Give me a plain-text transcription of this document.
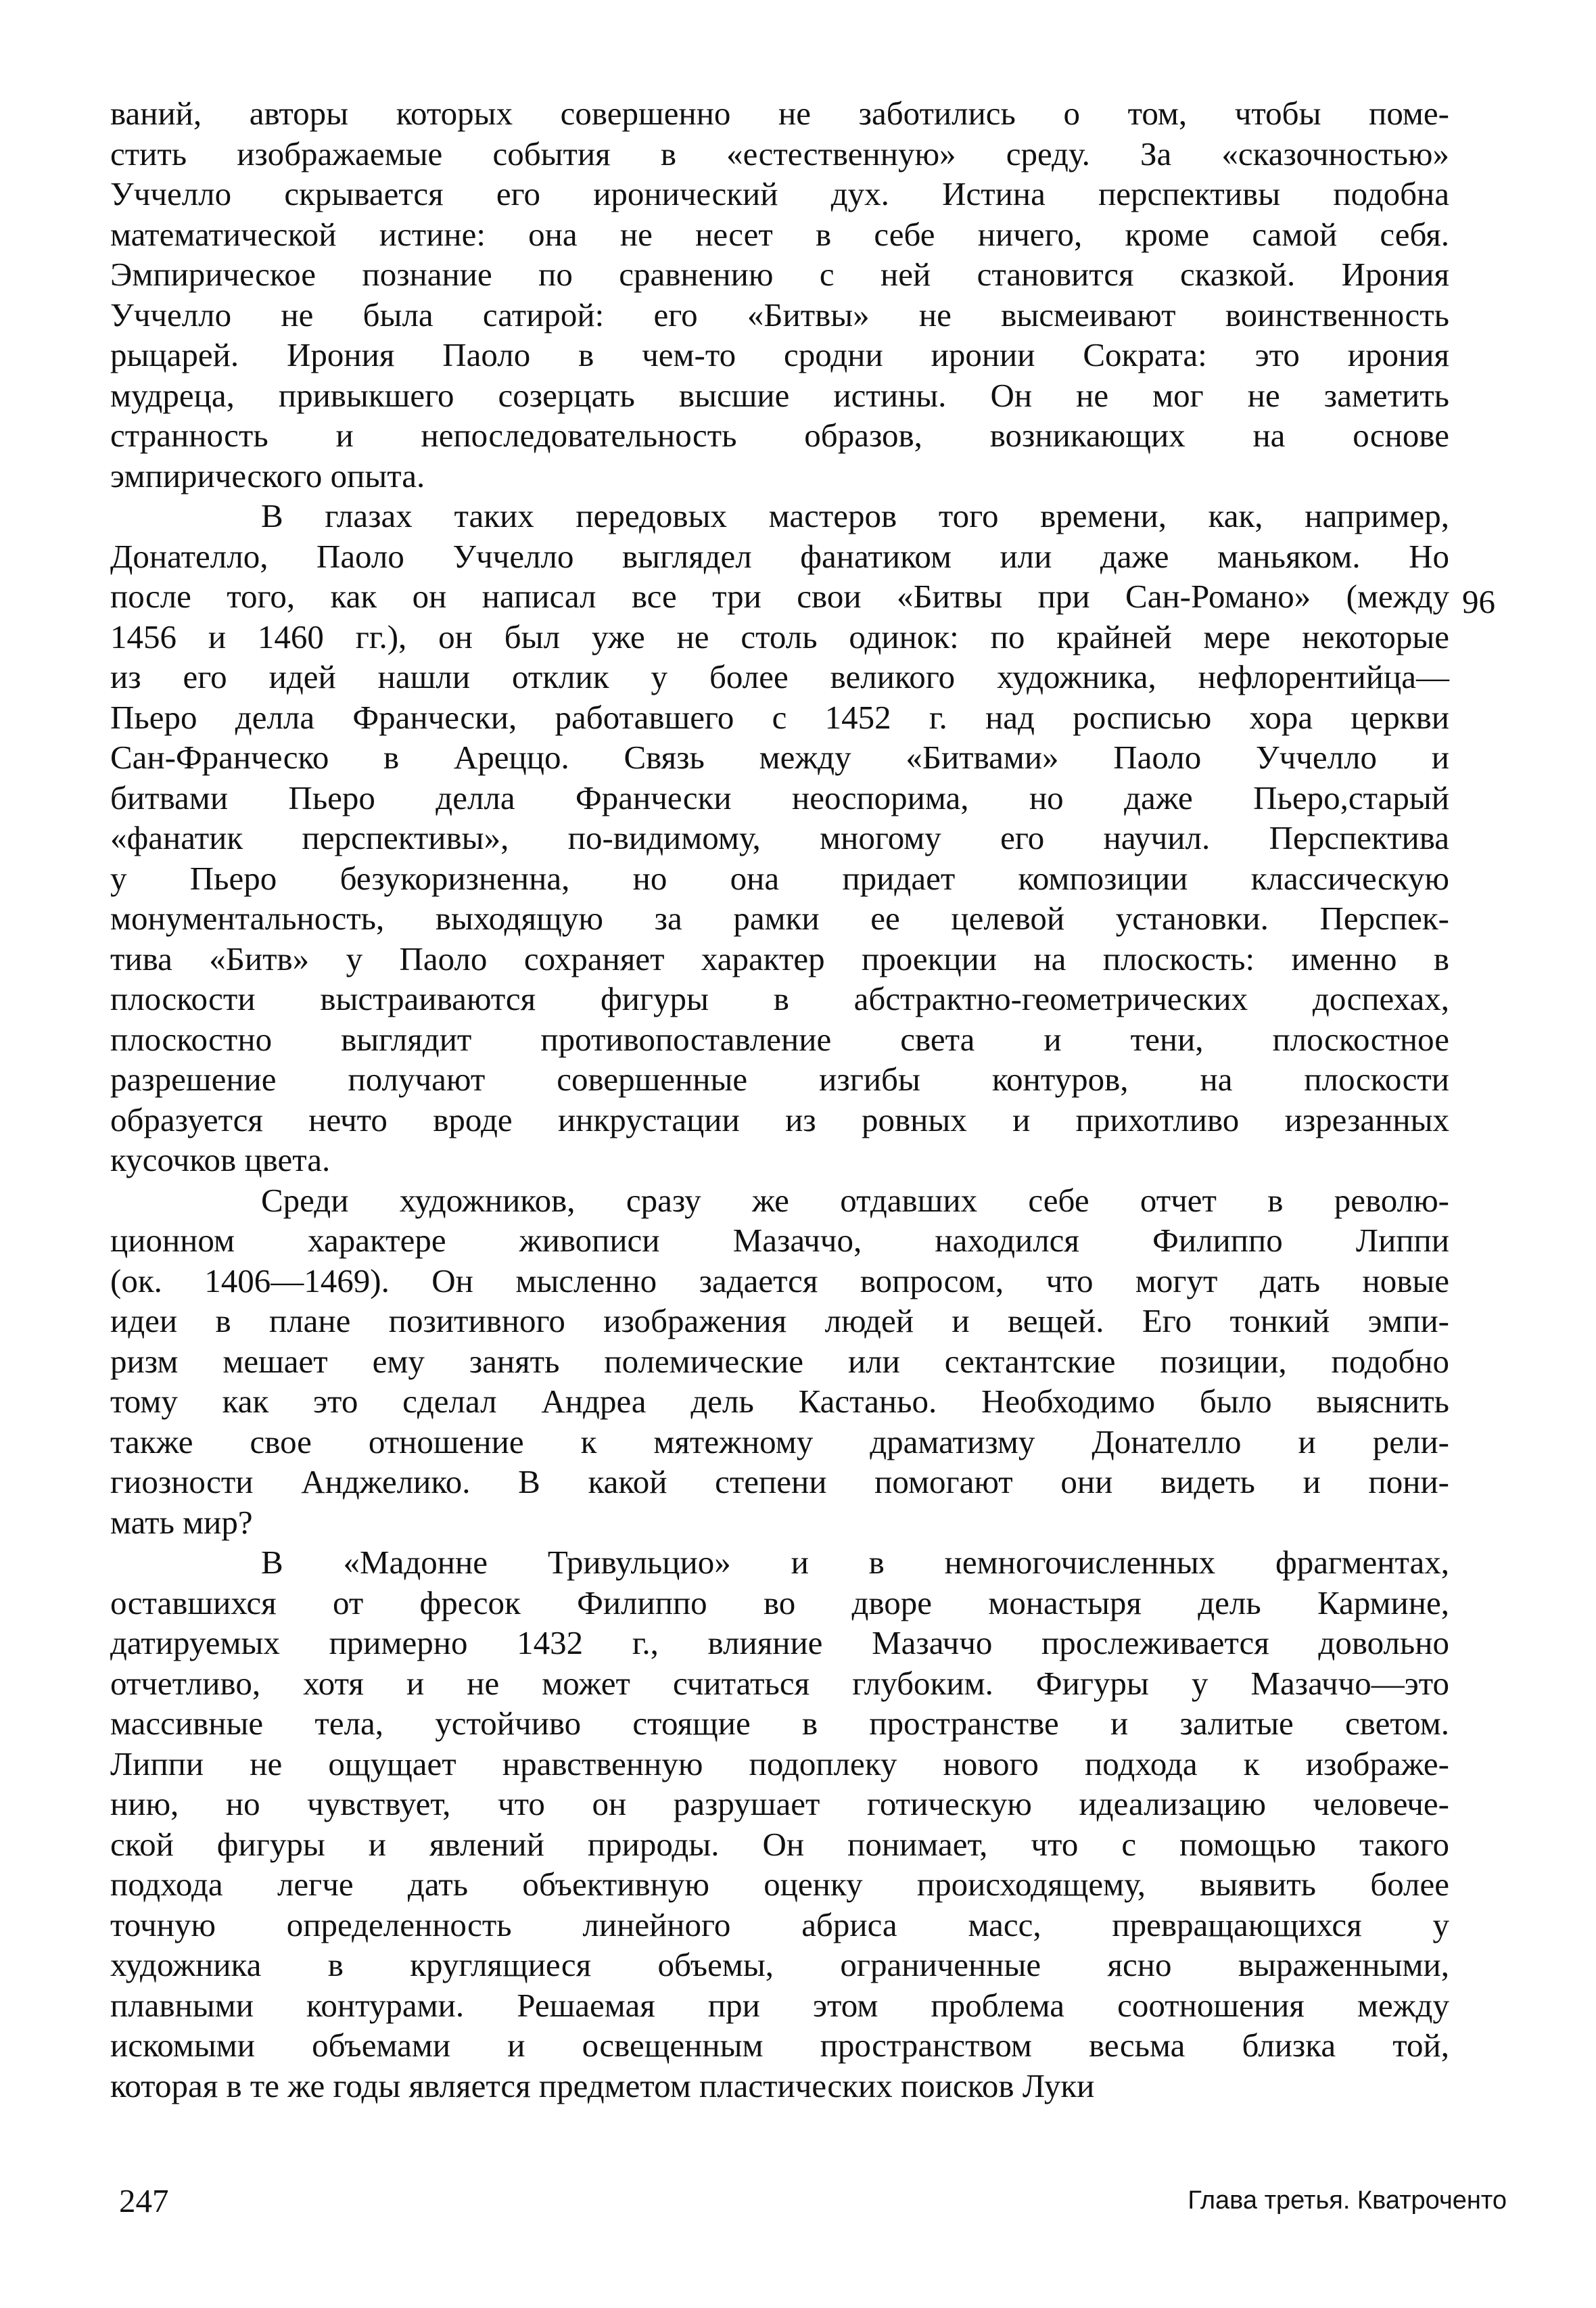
ваний, авторы которых совершенно не заботились о том, чтобы поме-
стить изображаемые события в «естественную» среду. За «сказочностью»
Уччелло скрывается его иронический дух. Истина перспективы подобна
математической истине: она не несет в себе ничего, кроме самой себя.
Эмпирическое познание по сравнению с ней становится сказкой. Ирония
Уччелло не была сатирой: его «Битвы» не высмеивают воинственность
рыцарей. Ирония Паоло в чем-то сродни иронии Сократа: это ирония
мудреца, привыкшего созерцать высшие истины. Он не мог не заметить
странность и непоследовательность образов, возникающих на основе
эмпирического опыта.
В глазах таких передовых мастеров того времени, как, например,
Донателло, Паоло Уччелло выглядел фанатиком или даже маньяком. Но
после того, как он написал все три свои «Битвы при Сан-Романо» (между
1456 и 1460 гг.), он был уже не столь одинок: по крайней мере некоторые
из его идей нашли отклик у более великого художника, нефлорентийца—
Пьеро делла Франчески, работавшего с 1452 г. над росписью хора церкви
Сан-Франческо в Ареццо. Связь между «Битвами» Паоло Уччелло и
битвами Пьеро делла Франчески неоспорима, но даже Пьеро,старый
«фанатик перспективы», по-видимому, многому его научил. Перспектива
у Пьеро безукоризненна, но она придает композиции классическую
монументальность, выходящую за рамки ее целевой установки. Перспек-
тива «Битв» у Паоло сохраняет характер проекции на плоскость: именно в
плоскости выстраиваются фигуры в абстрактно-геометрических доспехах,
плоскостно выглядит противопоставление света и тени, плоскостное
разрешение получают совершенные изгибы контуров, на плоскости
образуется нечто вроде инкрустации из ровных и прихотливо изрезанных
кусочков цвета.
Среди художников, сразу же отдавших себе отчет в револю-
ционном характере живописи Мазаччо, находился Филиппо Липпи
(ок. 1406—1469). Он мысленно задается вопросом, что могут дать новые
идеи в плане позитивного изображения людей и вещей. Его тонкий эмпи-
ризм мешает ему занять полемические или сектантские позиции, подобно
тому как это сделал Андреа дель Кастаньо. Необходимо было выяснить
также свое отношение к мятежному драматизму Донателло и рели-
гиозности Анджелико. В какой степени помогают они видеть и пони-
мать мир?
В «Мадонне Тривульцио» и в немногочисленных фрагментах,
оставшихся от фресок Филиппо во дворе монастыря дель Кармине,
датируемых примерно 1432 г., влияние Мазаччо прослеживается довольно
отчетливо, хотя и не может считаться глубоким. Фигуры у Мазаччо—это
массивные тела, устойчиво стоящие в пространстве и залитые светом.
Липпи не ощущает нравственную подоплеку нового подхода к изображе-
нию, но чувствует, что он разрушает готическую идеализацию человече-
ской фигуры и явлений природы. Он понимает, что с помощью такого
подхода легче дать объективную оценку происходящему, выявить более
точную определенность линейного абриса масс, превращающихся у
художника в круглящиеся объемы, ограниченные ясно выраженными,
плавными контурами. Решаемая при этом проблема соотношения между
искомыми объемами и освещенным пространством весьма близка той,
которая в те же годы является предметом пластических поисков Луки
96
247	Глава третья. Кватроченто
